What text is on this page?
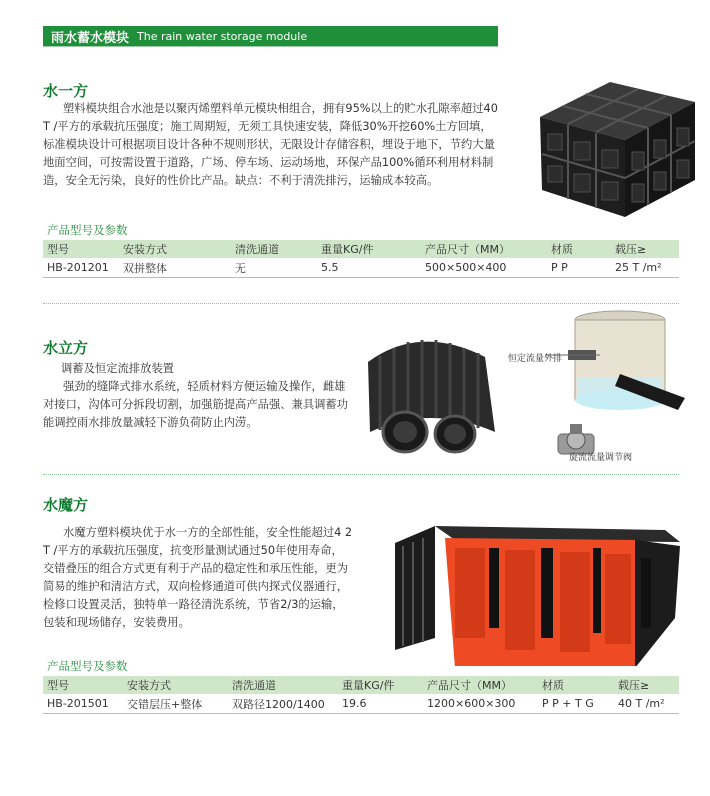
雨水蓄水模块 The rain water storage module
水一方

塑料模块组合水池是以聚丙烯塑料单元模块相组合，拥有95%以上的贮水孔隙率超过40 T /平方的承载抗压强度；施工周期短，无须工具快速安装，降低30%开挖60%土方回填，标准模块设计可根据项目设计各种不规则形状，无限设计存储容积，埋设于地下，节约大量地面空间，可按需设置于道路，广场、停车场、运动场地，环保产品100%循环利用材料制造，安全无污染，良好的性价比产品。缺点：不利于清洗排污，运输成本较高。

产品型号及参数
型号	安装方式	清洗通道	重量KG/件	产品尺寸（MM）	材质	载压≥
HB-201201	双拼整体	无	5.5	500×500×400	P P	25 T /m²
水立方
调蓄及恒定流排放装置

强劲的缝降式排水系统，轻质材料方便运输及操作，雌雄对接口，沟体可分拆段切割，加强筋提高产品强、兼具调蓄功能调控雨水排放量减轻下游负荷防止内涝。

恒定流量外排
旋流流量调节阀
水魔方

水魔方塑料模块优于水一方的全部性能，安全性能超过4 2 T /平方的承载抗压强度，抗变形量测试通过50年使用寿命，交错叠压的组合方式更有利于产品的稳定性和承压性能，更为简易的维护和清洁方式，双向检修通道可供内探式仪器通行，检修口设置灵活，独特单一路径清洗系统，节省2/3的运输，包装和现场储存，安装费用。

产品型号及参数
型号	安装方式	清洗通道	重量KG/件	产品尺寸（MM）	材质	载压≥
HB-201501	交错层压+整体	双路径1200/1400	19.6	1200×600×300	P P + T G	40 T /m²
